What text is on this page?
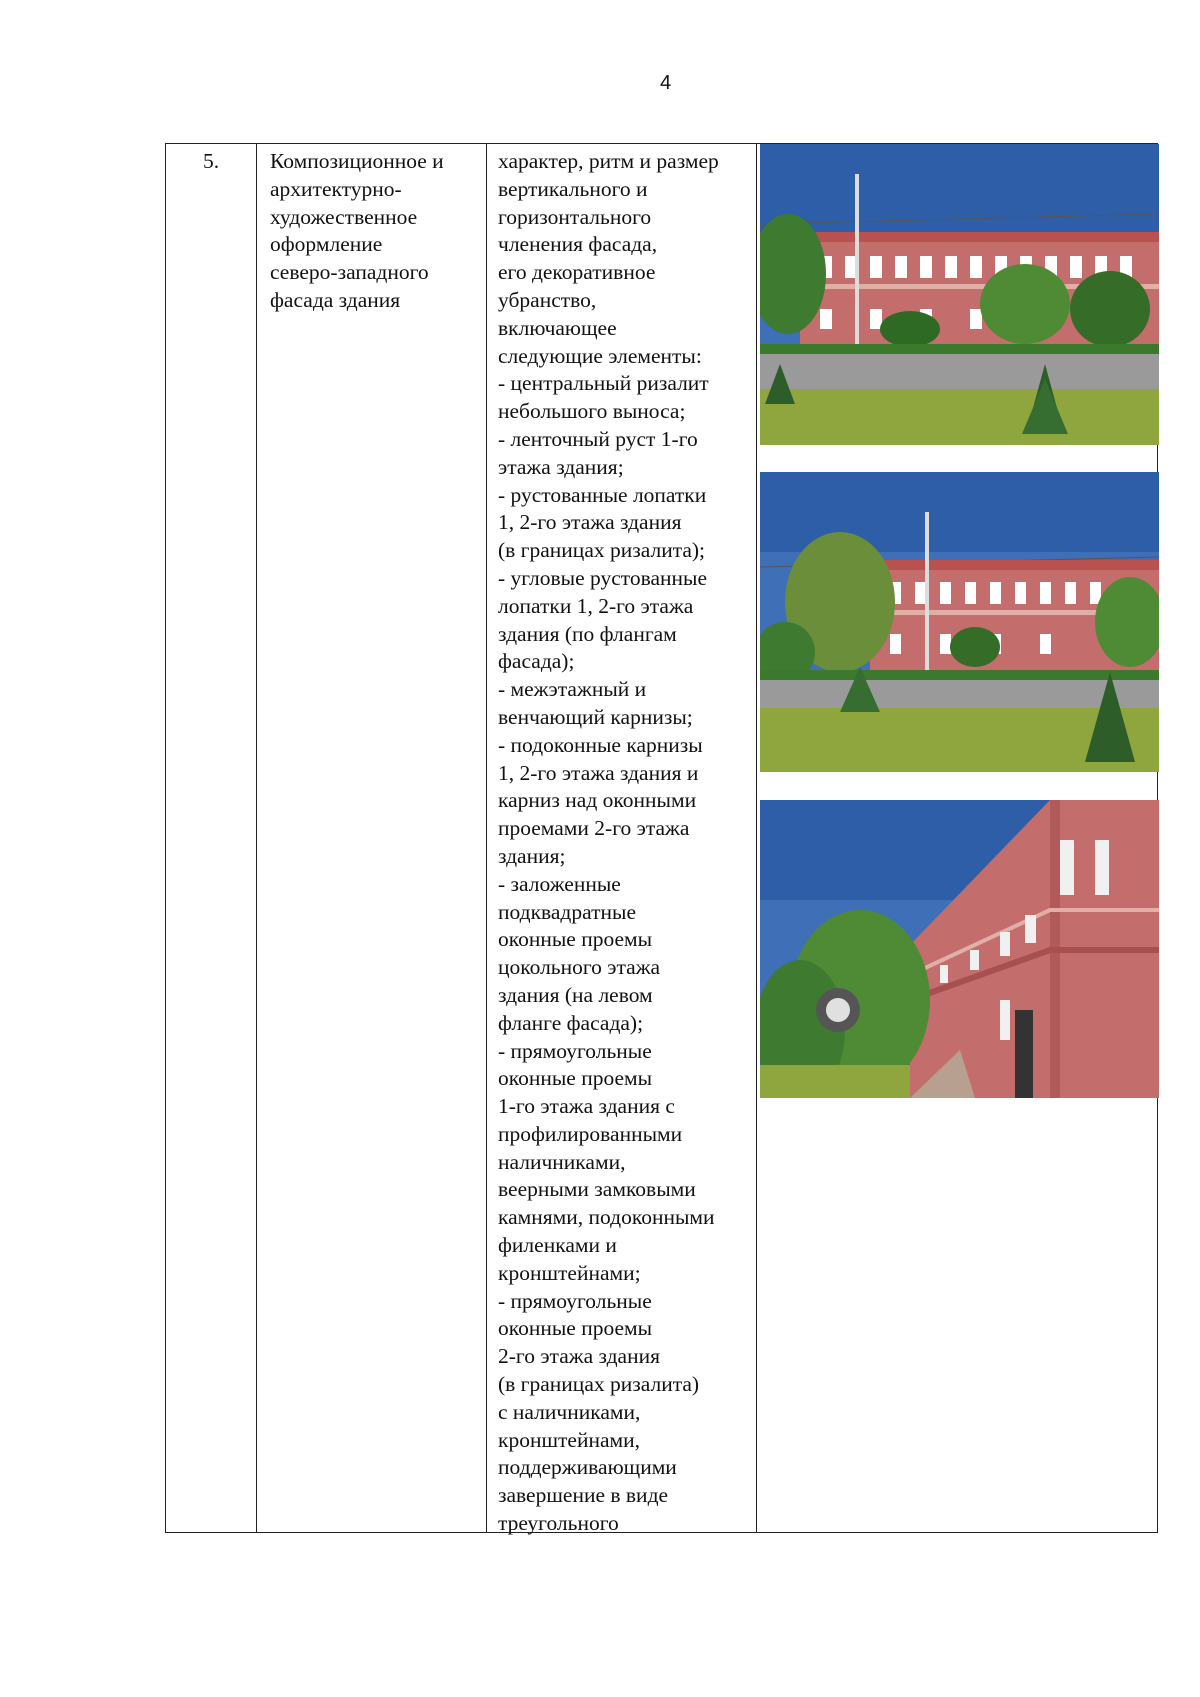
4
5.	Композиционное и
архитектурно-
художественное
оформление
северо-западного
фасада здания
характер, ритм и размер
вертикального и
горизонтального
членения фасада,
его декоративное
убранство,
включающее
следующие элементы:
- центральный ризалит
небольшого выноса;
- ленточный руст 1-го
этажа здания;
- рустованные лопатки
1, 2-го этажа здания
(в границах ризалита);
- угловые рустованные
лопатки 1, 2-го этажа
здания (по флангам
фасада);
- межэтажный и
венчающий карнизы;
- подоконные карнизы
1, 2-го этажа здания и
карниз над оконными
проемами 2-го этажа
здания;
- заложенные
подквадратные
оконные проемы
цокольного этажа
здания (на левом
фланге фасада);
- прямоугольные
оконные проемы
1-го этажа здания с
профилированными
наличниками,
веерными замковыми
камнями, подоконными
филенками и
кронштейнами;
- прямоугольные
оконные проемы
2-го этажа здания
(в границах ризалита)
с наличниками,
кронштейнами,
поддерживающими
завершение в виде
треугольного
